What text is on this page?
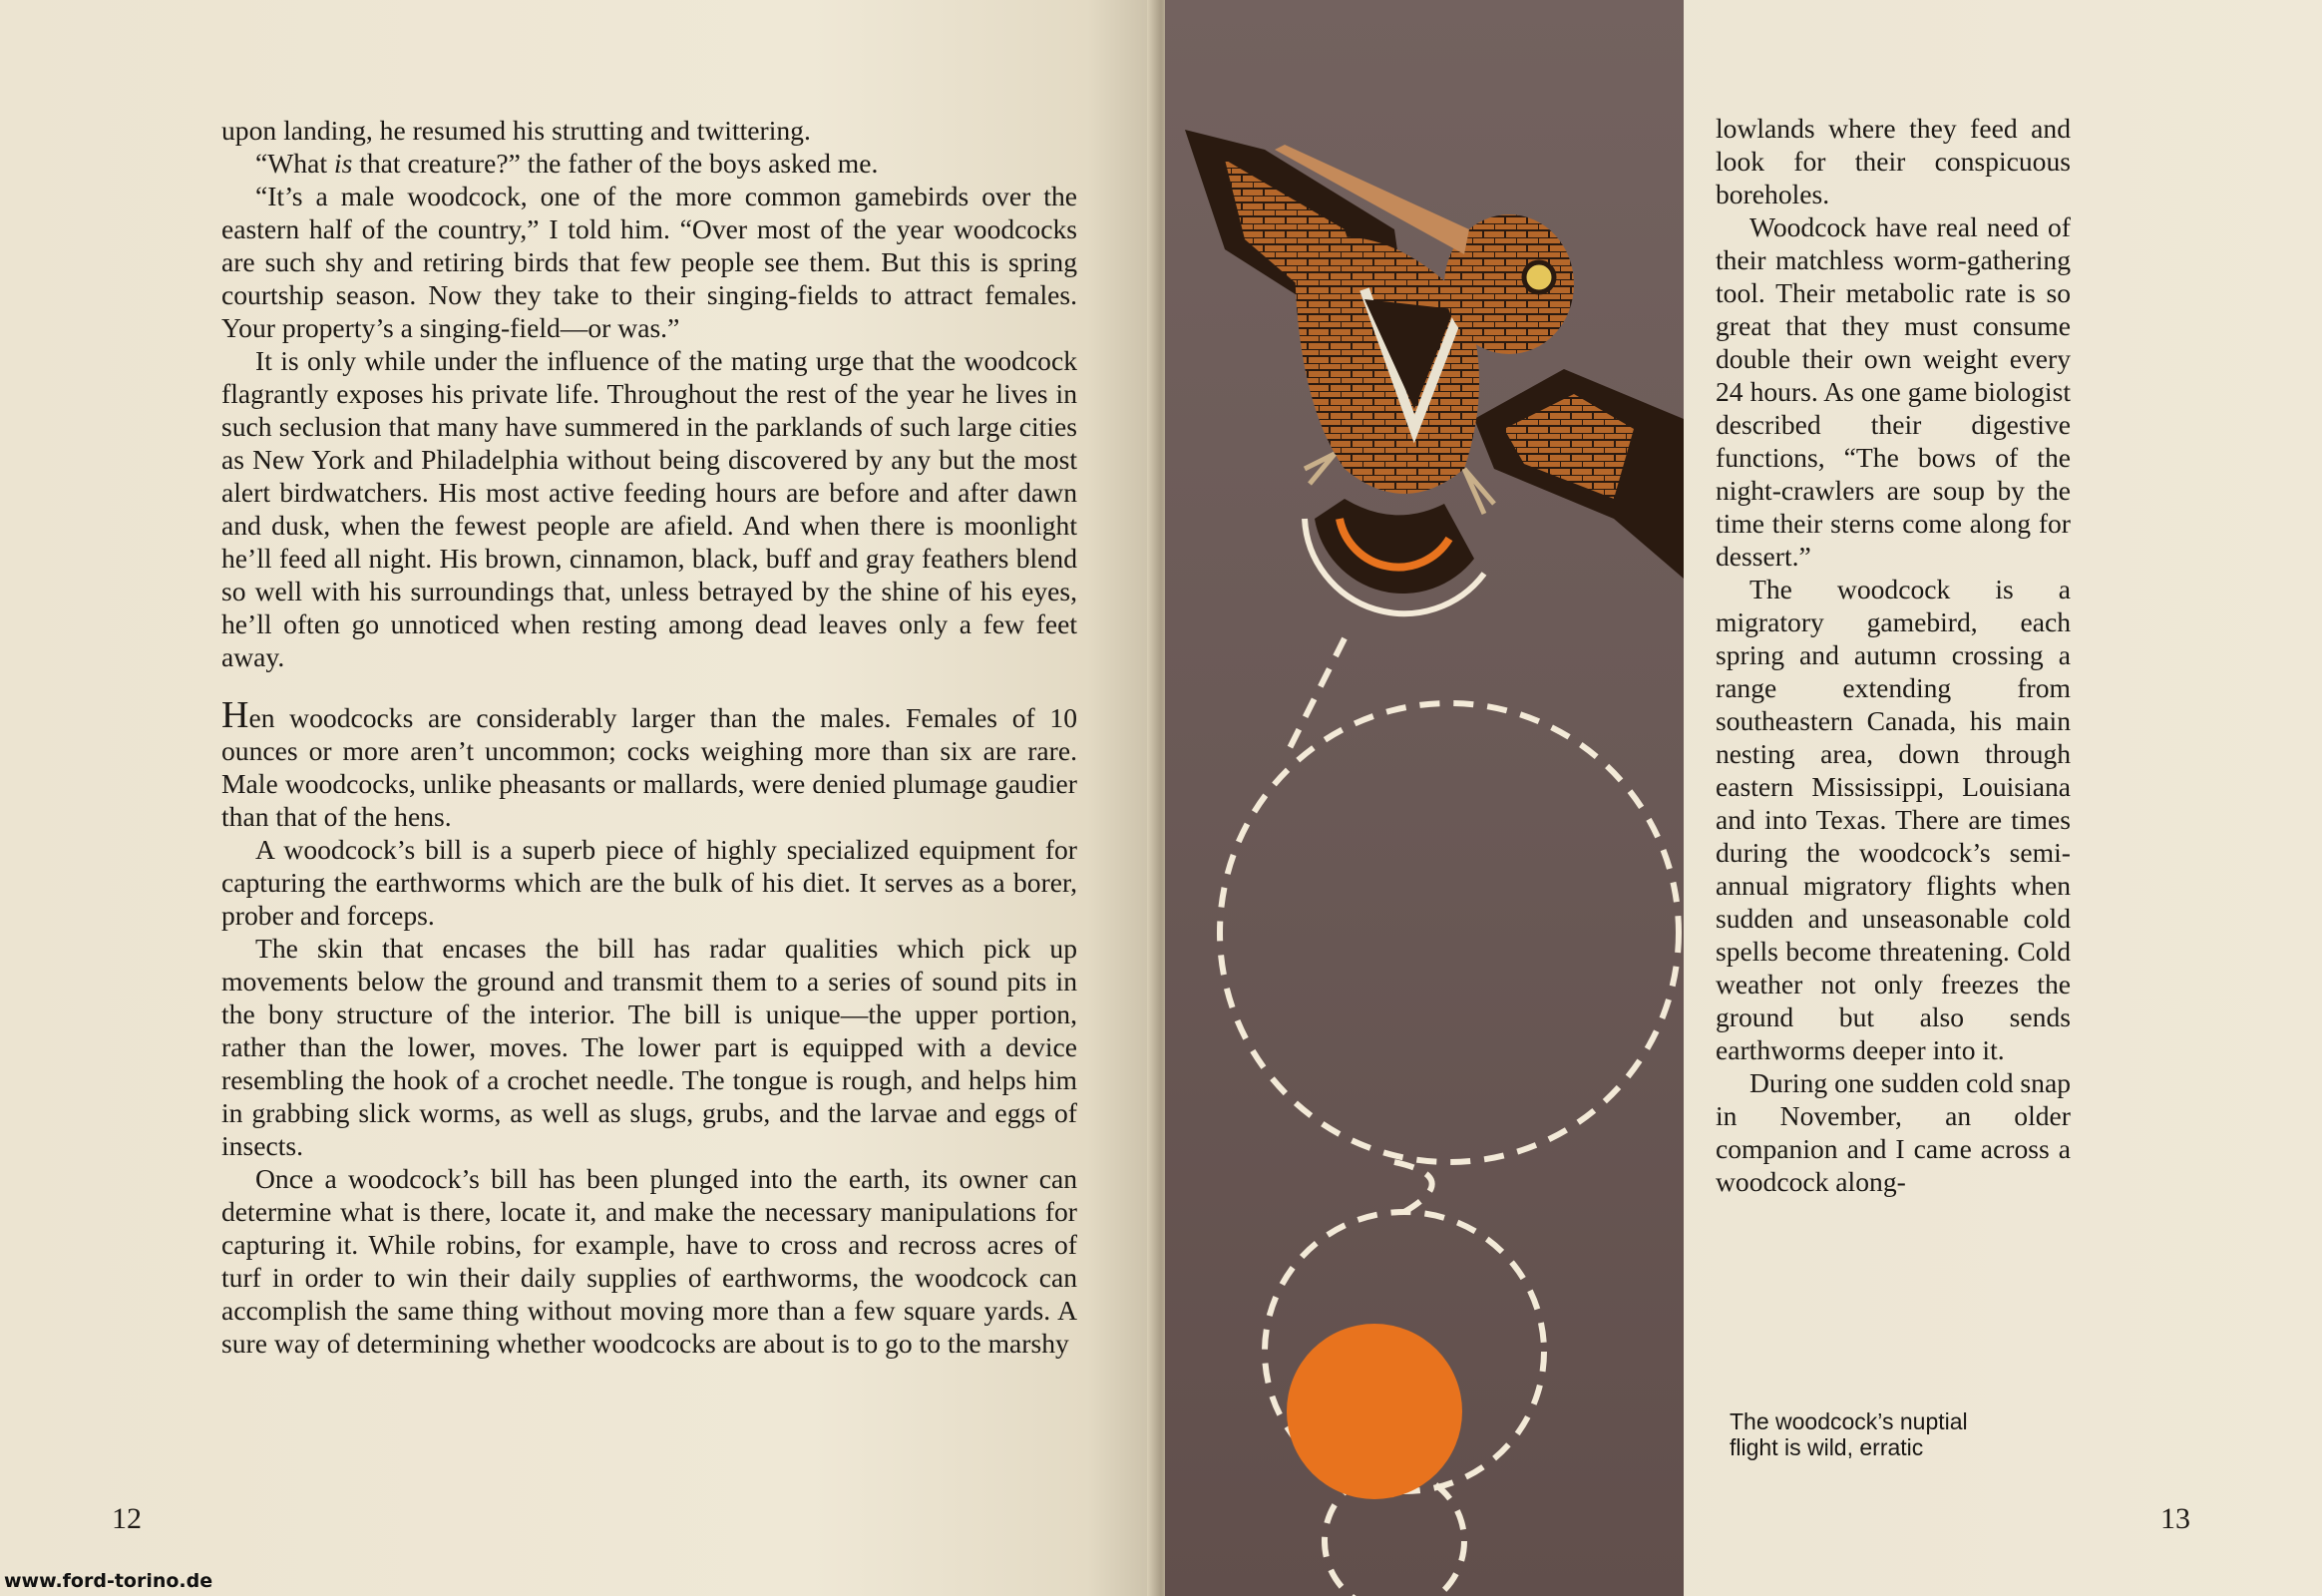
upon landing, he resumed his strutting and twittering.

“What is that creature?” the father of the boys asked me.

“It’s a male woodcock, one of the more common gamebirds over the eastern half of the country,” I told him. “Over most of the year woodcocks are such shy and retiring birds that few people see them. But this is spring courtship season. Now they take to their singing-fields to attract females. Your property’s a singing-field—or was.”

It is only while under the influence of the mating urge that the woodcock flagrantly exposes his private life. Throughout the rest of the year he lives in such seclusion that many have summered in the parklands of such large cities as New York and Philadelphia without being discovered by any but the most alert birdwatchers. His most active feeding hours are before and after dawn and dusk, when the fewest people are afield. And when there is moonlight he’ll feed all night. His brown, cinnamon, black, buff and gray feathers blend so well with his surroundings that, unless betrayed by the shine of his eyes, he’ll often go unnoticed when resting among dead leaves only a few feet away.

Hen woodcocks are considerably larger than the males. Females of 10 ounces or more aren’t uncommon; cocks weighing more than six are rare. Male woodcocks, unlike pheasants or mallards, were denied plumage gaudier than that of the hens.

A woodcock’s bill is a superb piece of highly specialized equipment for capturing the earthworms which are the bulk of his diet. It serves as a borer, prober and forceps.

The skin that encases the bill has radar qualities which pick up movements below the ground and transmit them to a series of sound pits in the bony structure of the interior. The bill is unique—the upper portion, rather than the lower, moves. The lower part is equipped with a device resembling the hook of a crochet needle. The tongue is rough, and helps him in grabbing slick worms, as well as slugs, grubs, and the larvae and eggs of insects.

Once a woodcock’s bill has been plunged into the earth, its owner can determine what is there, locate it, and make the necessary manipulations for capturing it. While robins, for example, have to cross and recross acres of turf in order to win their daily supplies of earthworms, the woodcock can accomplish the same thing without moving more than a few square yards. A sure way of determining whether woodcocks are about is to go to the marshy

12

lowlands where they feed and look for their conspicuous boreholes.

Woodcock have real need of their matchless worm-gathering tool. Their metabolic rate is so great that they must consume double their own weight every 24 hours. As one game biologist described their digestive functions, “The bows of the night-crawlers are soup by the time their sterns come along for dessert.”

The woodcock is a migratory gamebird, each spring and autumn crossing a range extending from southeastern Canada, his main nesting area, down through eastern Mississippi, Louisiana and into Texas. There are times during the woodcock’s semi-annual migratory flights when sudden and unseasonable cold spells become threatening. Cold weather not only freezes the ground but also sends earthworms deeper into it.

During one sudden cold snap in November, an older companion and I came across a woodcock along-

The woodcock’s nuptial
flight is wild, erratic
13
www.ford-torino.de
